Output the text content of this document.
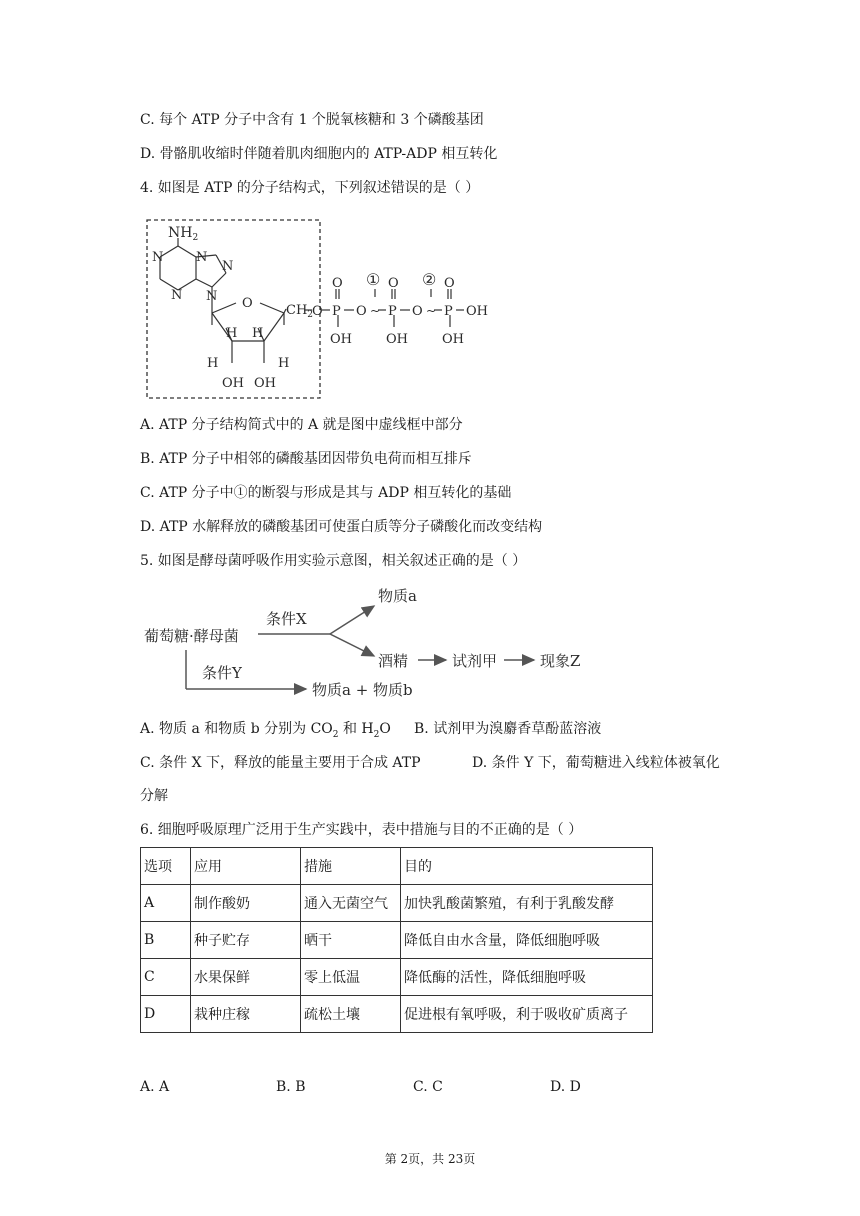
C. 每个 ATP 分子中含有 1 个脱氧核糖和 3 个磷酸基团
D. 骨骼肌收缩时伴随着肌肉细胞内的 ATP-ADP 相互转化
4. 如图是 ATP 的分子结构式，下列叙述错误的是（ ）
$NH_2$
N
N
N
N
N O
H
H H
H
OH OH
$CH_2$
O P
O
OH
O ~
①
P
O
OH
O ~
②
P
O
OH
OH
A. ATP 分子结构简式中的 A 就是图中虚线框中部分
B. ATP 分子中相邻的磷酸基团因带负电荷而相互排斥
C. ATP 分子中①的断裂与形成是其与 ADP 相互转化的基础
D. ATP 水解释放的磷酸基团可使蛋白质等分子磷酸化而改变结构
5. 如图是酵母菌呼吸作用实验示意图，相关叙述正确的是（ ）
葡萄糖·酵母菌
条件X
物质a
酒精	试剂甲	现象Z
条件Y
物质a + 物质b
A. 物质 a 和物质 b 分别为 $CO_2$ 和 $H_2O$ B. 试剂甲为溴麝香草酚蓝溶液
C. 条件 X 下，释放的能量主要用于合成 ATP	D. 条件 Y 下，葡萄糖进入线粒体被氧化
分解
6. 细胞呼吸原理广泛用于生产实践中，表中措施与目的不正确的是（ ）
选项	应用	措施	目的
A	制作酸奶	通入无菌空气	加快乳酸菌繁殖，有利于乳酸发酵
B	种子贮存	晒干	降低自由水含量，降低细胞呼吸
C	水果保鲜	零上低温	降低酶的活性，降低细胞呼吸
D	栽种庄稼	疏松土壤	促进根有氧呼吸，利于吸收矿质离子
A. A	B. B	C. C	D. D
第 2页，共 23页
